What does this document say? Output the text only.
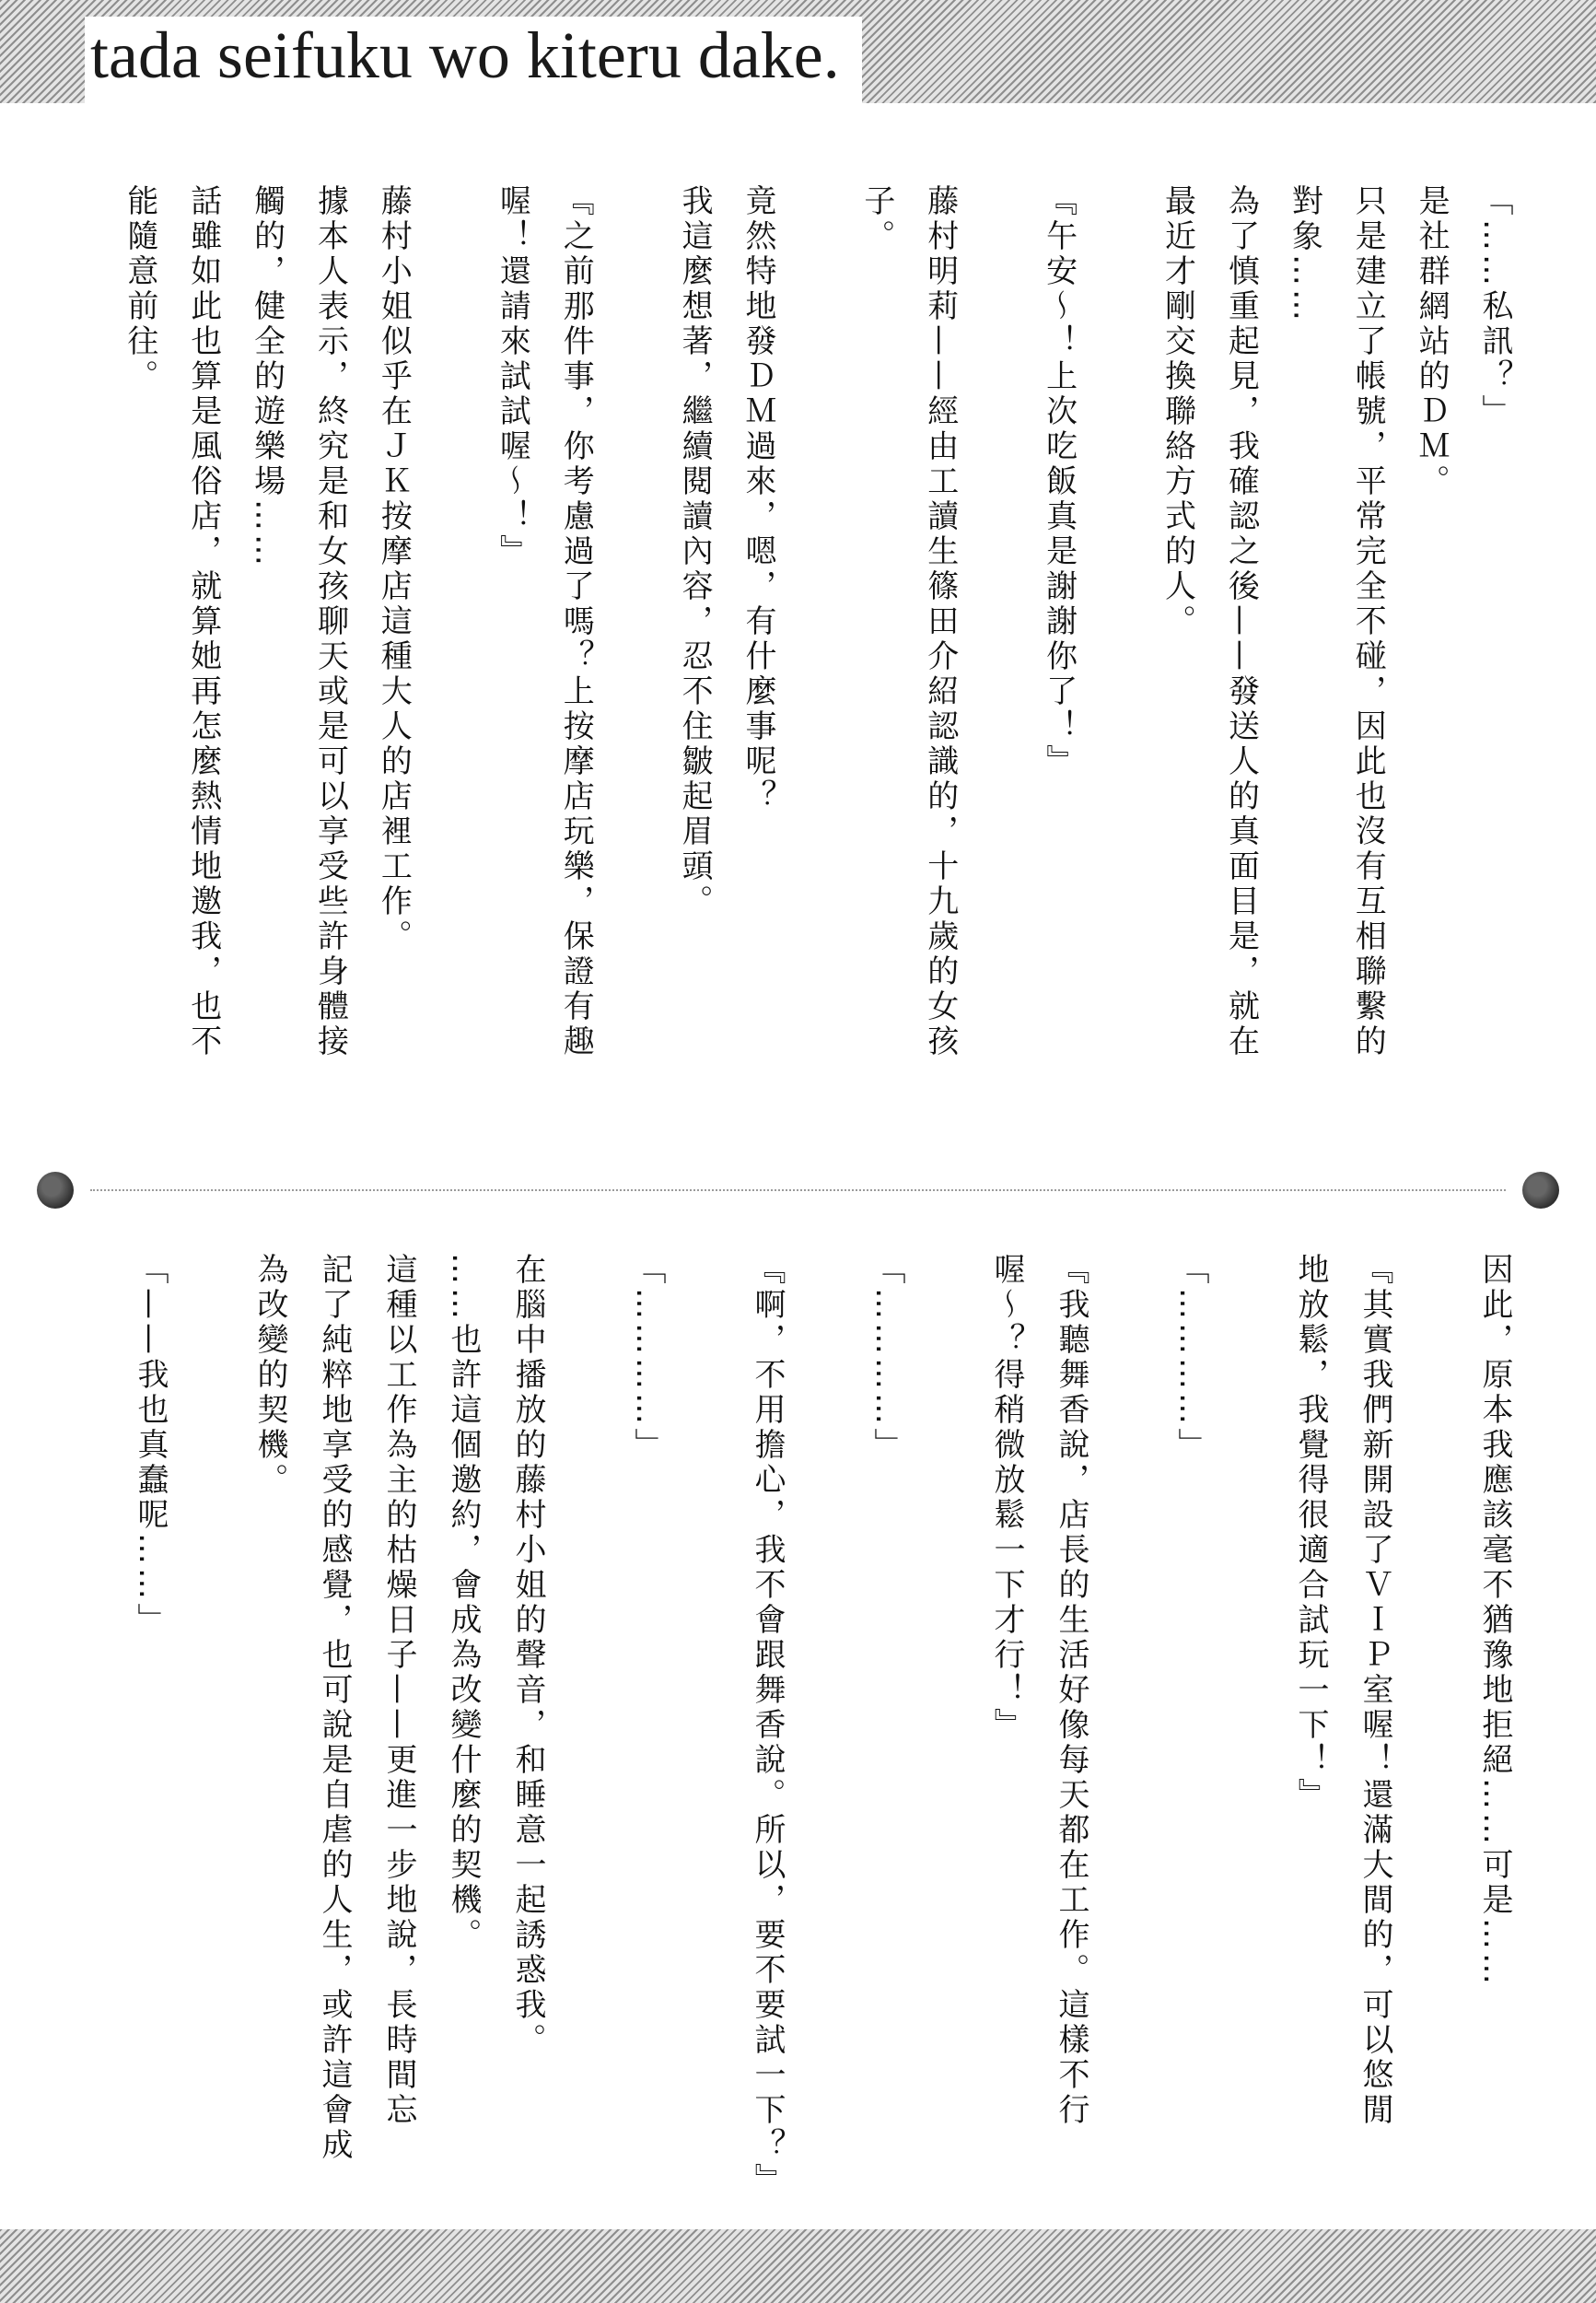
tada seifuku wo kiteru dake.
「……私訊？」
是社群網站的ＤＭ。
只是建立了帳號，平常完全不碰，因此也沒有互相聯繫的
對象……
為了慎重起見，我確認之後——發送人的真面目是，就在
最近才剛交換聯絡方式的人。
『午安～！上次吃飯真是謝謝你了！』
藤村明莉——經由工讀生篠田介紹認識的，十九歲的女孩
子。
竟然特地發ＤＭ過來，嗯，有什麼事呢？
我這麼想著，繼續閱讀內容，忍不住皺起眉頭。
『之前那件事，你考慮過了嗎？上按摩店玩樂，保證有趣
喔！還請來試試喔～！』
藤村小姐似乎在ＪＫ按摩店這種大人的店裡工作。
據本人表示，終究是和女孩聊天或是可以享受些許身體接
觸的，健全的遊樂場……
話雖如此也算是風俗店，就算她再怎麼熱情地邀我，也不
能隨意前往。
因此，原本我應該毫不猶豫地拒絕……可是……
『其實我們新開設了ＶＩＰ室喔！還滿大間的，可以悠閒
地放鬆，我覺得很適合試玩一下！』
「…………」
『我聽舞香說，店長的生活好像每天都在工作。這樣不行
喔～？得稍微放鬆一下才行！』
「…………」
『啊，不用擔心，我不會跟舞香說。所以，要不要試一下？』
「…………」
在腦中播放的藤村小姐的聲音，和睡意一起誘惑我。
……也許這個邀約，會成為改變什麼的契機。
這種以工作為主的枯燥日子——更進一步地說，長時間忘
記了純粹地享受的感覺，也可說是自虐的人生，或許這會成
為改變的契機。
「——我也真蠢呢……」
